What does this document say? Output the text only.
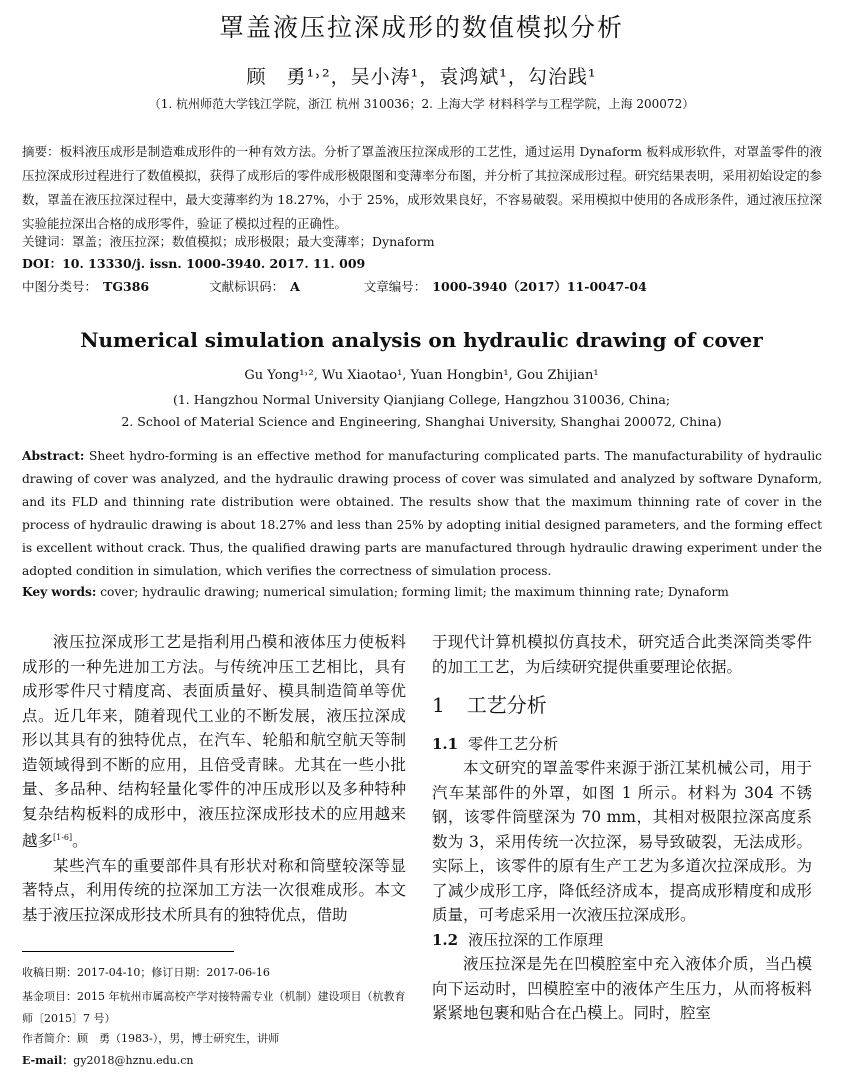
罩盖液压拉深成形的数值模拟分析
顾　勇¹˒²，吴小涛¹，袁鸿斌¹，勾治践¹
（1. 杭州师范大学钱江学院，浙江 杭州 310036；2. 上海大学 材料科学与工程学院，上海 200072）
摘要：板料液压成形是制造难成形件的一种有效方法。分析了罩盖液压拉深成形的工艺性，通过运用 Dynaform 板料成形软件，对罩盖零件的液压拉深成形过程进行了数值模拟，获得了成形后的零件成形极限图和变薄率分布图，并分析了其拉深成形过程。研究结果表明，采用初始设定的参数，罩盖在液压拉深过程中，最大变薄率约为 18.27%，小于 25%，成形效果良好，不容易破裂。采用模拟中使用的各成形条件，通过液压拉深实验能拉深出合格的成形零件，验证了模拟过程的正确性。
关键词：罩盖；液压拉深；数值模拟；成形极限；最大变薄率；Dynaform
DOI：10. 13330/j. issn. 1000-3940. 2017. 11. 009
中图分类号： TG386	文献标识码： A	文章编号： 1000-3940（2017）11-0047-04
Numerical simulation analysis on hydraulic drawing of cover
Gu Yong¹˒², Wu Xiaotao¹, Yuan Hongbin¹, Gou Zhijian¹
(1. Hangzhou Normal University Qianjiang College, Hangzhou 310036, China;
2. School of Material Science and Engineering, Shanghai University, Shanghai 200072, China)
Abstract: Sheet hydro-forming is an effective method for manufacturing complicated parts. The manufacturability of hydraulic drawing of cover was analyzed, and the hydraulic drawing process of cover was simulated and analyzed by software Dynaform, and its FLD and thinning rate distribution were obtained. The results show that the maximum thinning rate of cover in the process of hydraulic drawing is about 18.27% and less than 25% by adopting initial designed parameters, and the forming effect is excellent without crack. Thus, the qualified drawing parts are manufactured through hydraulic drawing experiment under the adopted condition in simulation, which verifies the correctness of simulation process.
Key words: cover; hydraulic drawing; numerical simulation; forming limit; the maximum thinning rate; Dynaform
液压拉深成形工艺是指利用凸模和液体压力使板料成形的一种先进加工方法。与传统冲压工艺相比，具有成形零件尺寸精度高、表面质量好、模具制造简单等优点。近几年来，随着现代工业的不断发展，液压拉深成形以其具有的独特优点，在汽车、轮船和航空航天等制造领域得到不断的应用，且倍受青睐。尤其在一些小批量、多品种、结构轻量化零件的冲压成形以及多种特种复杂结构板料的成形中，液压拉深成形技术的应用越来越多[1-6]。
某些汽车的重要部件具有形状对称和筒壁较深等显著特点，利用传统的拉深加工方法一次很难成形。本文基于液压拉深成形技术所具有的独特优点，借助
收稿日期：2017-04-10；修订日期：2017-06-16
基金项目：2015 年杭州市属高校产学对接特需专业（机制）建设项目（杭教育师〔2015〕7 号）
作者简介：顾　勇（1983-），男，博士研究生，讲师
E-mail：gy2018@hznu.edu.cn
于现代计算机模拟仿真技术，研究适合此类深筒类零件的加工工艺，为后续研究提供重要理论依据。
1 工艺分析
1.1 零件工艺分析
本文研究的罩盖零件来源于浙江某机械公司，用于汽车某部件的外罩，如图 1 所示。材料为 304 不锈钢，该零件筒壁深为 70 mm，其相对极限拉深高度系数为 3，采用传统一次拉深，易导致破裂，无法成形。实际上，该零件的原有生产工艺为多道次拉深成形。为了减少成形工序，降低经济成本，提高成形精度和成形质量，可考虑采用一次液压拉深成形。
1.2 液压拉深的工作原理
液压拉深是先在凹模腔室中充入液体介质，当凸模向下运动时，凹模腔室中的液体产生压力，从而将板料紧紧地包裹和贴合在凸模上。同时，腔室
